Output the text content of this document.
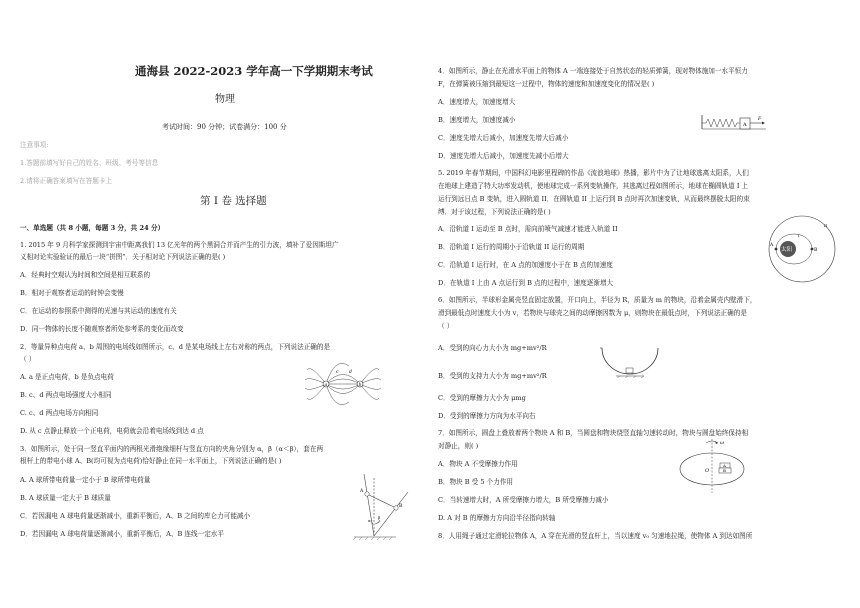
通海县 2022-2023 学年高一下学期期末考试
物理
考试时间：90 分钟；试卷满分：100 分
注意事项:
1.答题前填写好自己的姓名、班级、考号等信息
2.请将正确答案填写在答题卡上
第 I 卷 选择题
一、单选题（共 8 小题，每题 3 分，共 24 分）
1. 2015 年 9 月科学家探测到宇宙中距离我们 13 亿光年的两个黑洞合并而产生的引力波，填补了爱因斯坦广
义相对论实验验证的最后一块“拼图”．关于相对论下列说法正确的是( )
A．经典时空观认为时间和空间是相互联系的
B．相对于观察者运动的时钟会变慢
C．在运动的参照系中测得的光速与其运动的速度有关
D．同一物体的长度不随观察者所处参考系的变化而改变
2．等量异种点电荷 a、b 周围的电场线如图所示，c、d 是某电场线上左右对称的两点，下列说法正确的是
（ ）
A. a 是正点电荷，b 是负点电荷
B. c、d 两点电场强度大小相同
C. c、d 两点电场方向相同
D. 从 c 点静止释放一个正电荷，电荷就会沿着电场线到达 d 点
a	b
c d
3．如图所示，处于同一竖直平面内的两根光滑绝缘细杆与竖直方向的夹角分别为 α，β（α＜β），套在两
根杆上的带电小球 A、B(均可视为点电荷)恰好静止在同一水平面上，下列说法正确的是( )
A. A 球所带电荷量一定小于 B 球所带电荷量
B. A 球质量一定大于 B 球质量
C．若因漏电 A 球电荷量逐渐减小，重新平衡后，A、B 之间的库仑力可能减小
D．若因漏电 A 球电荷量逐渐减小，重新平衡后，A、B 连线一定水平
α
β
A
B
4．如图所示，静止在光滑水平面上的物体 A 一端连接处于自然状态的轻质弹簧，现对物体施加一水平恒力
F，在弹簧被压缩到最短这一过程中，物体的速度和加速度变化的情况是( )
A．速度增大，加速度增大
B．速度增大，加速度减小
C．速度先增大后减小，加速度先增大后减小
D．速度先增大后减小，加速度先减小后增大
A
F
5. 2019 年春节期间，中国科幻电影里程碑的作品《流浪地球》热播，影片中为了让地球逃离太阳系，人们
在地球上建造了特大功率发动机，使地球完成一系列变轨操作，其逃离过程如图所示，地球在椭圆轨道 I 上
运行到远日点 B 变轨，进入圆轨道 II．在圆轨道 II 上运行到 B 点时再次加速变轨，从而最终摆脱太阳的束
缚．对于该过程，下列说法正确的是( )
A．沿轨道 I 运动至 B 点时，需向前喷气减速才能进入轨道 II
B．沿轨道 I 运行的周期小于沿轨道 II 运行的周期
C．沿轨道 I 运行时，在 A 点的加速度小于在 B 点的加速度
D．在轨道 I 上由 A 点运行到 B 点的过程中，速度逐渐增大
太阳
A
B
I
II
6．如图所示，半球形金属壳竖直固定放置，开口向上，半径为 R，质量为 m 的物块，沿着金属壳内壁滑下，
滑到最低点时速度大小为 v，若物块与球壳之间的动摩擦因数为 μ，则物块在最低点时，下列说法正确的是
（ ）
A．受到的向心力大小为 mg+mv²/R
B．受到的支持力大小为 mg+mv²/R
C．受到的摩擦力大小为 μmg
D．受到的摩擦力方向为水平向右
7．如图所示，圆盘上叠放着两个物块 A 和 B，当圆盘和物块绕竖直轴匀速转动时，物块与圆盘始终保持相
对静止，则( )
A．物块 A 不受摩擦力作用
B．物块 B 受 5 个力作用
C．当转速增大时，A 所受摩擦力增大，B 所受摩擦力减小
D. A 对 B 的摩擦力方向沿半径指向转轴
ω
O
A
B
8．人用绳子通过定滑轮拉物体 A，A 穿在光滑的竖直杆上，当以速度 v₀ 匀速地拉绳，使物体 A 到达如图所
